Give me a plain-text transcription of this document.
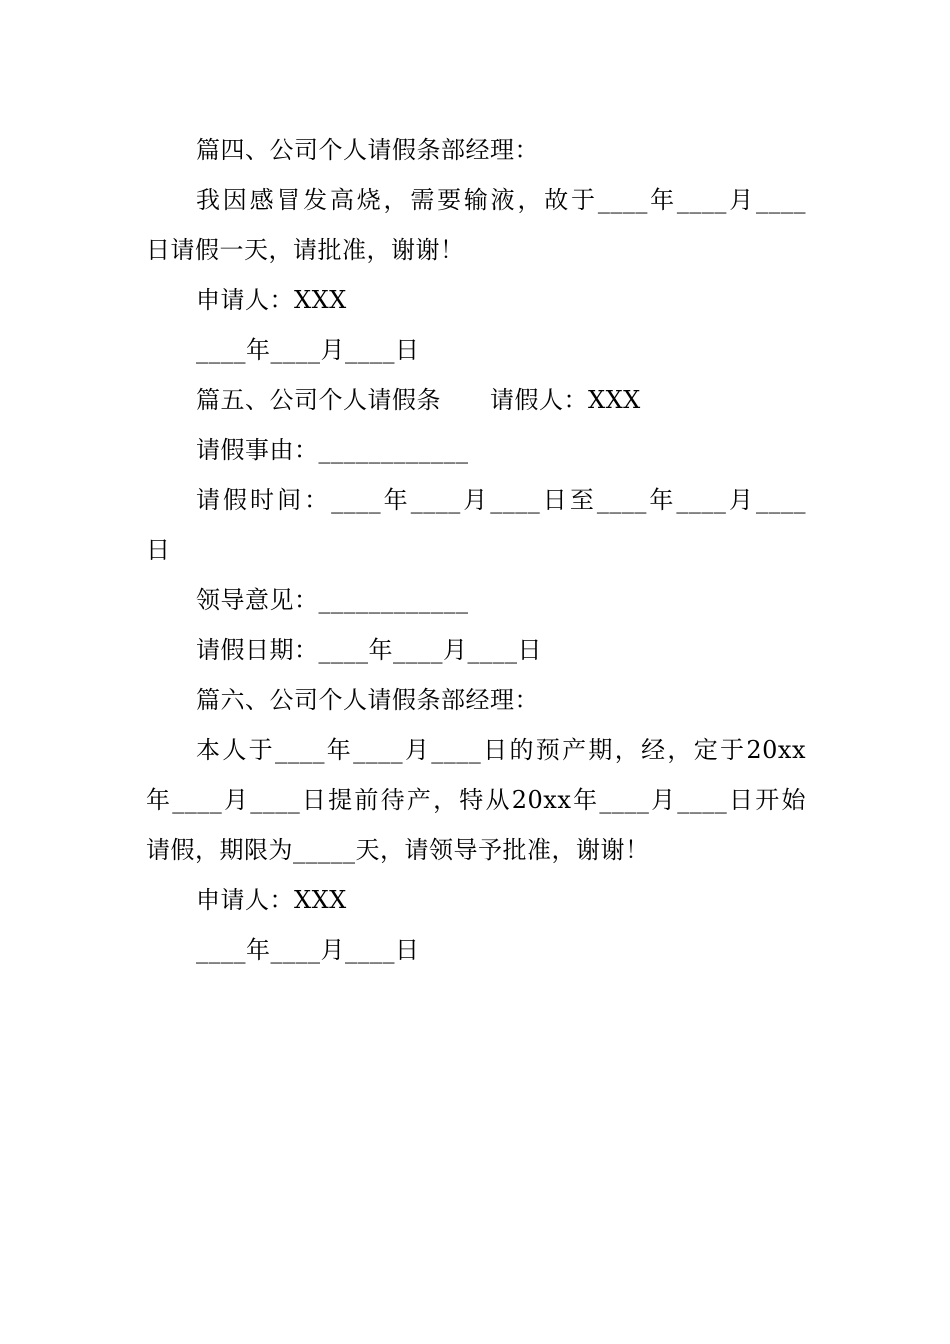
篇四、公司个人请假条部经理：
我因感冒发高烧，需要输液，故于____年____月____
日请假一天，请批准，谢谢！
申请人：XXX
____年____月____日
篇五、公司个人请假条　　请假人：XXX
请假事由：____________
请假时间：____年____月____日至____年____月____
日
领导意见：____________
请假日期：____年____月____日
篇六、公司个人请假条部经理：
本人于____年____月____日的预产期，经，定于20xx
年____月____日提前待产，特从20xx年____月____日开始
请假，期限为_____天，请领导予批准，谢谢！
申请人：XXX
____年____月____日
